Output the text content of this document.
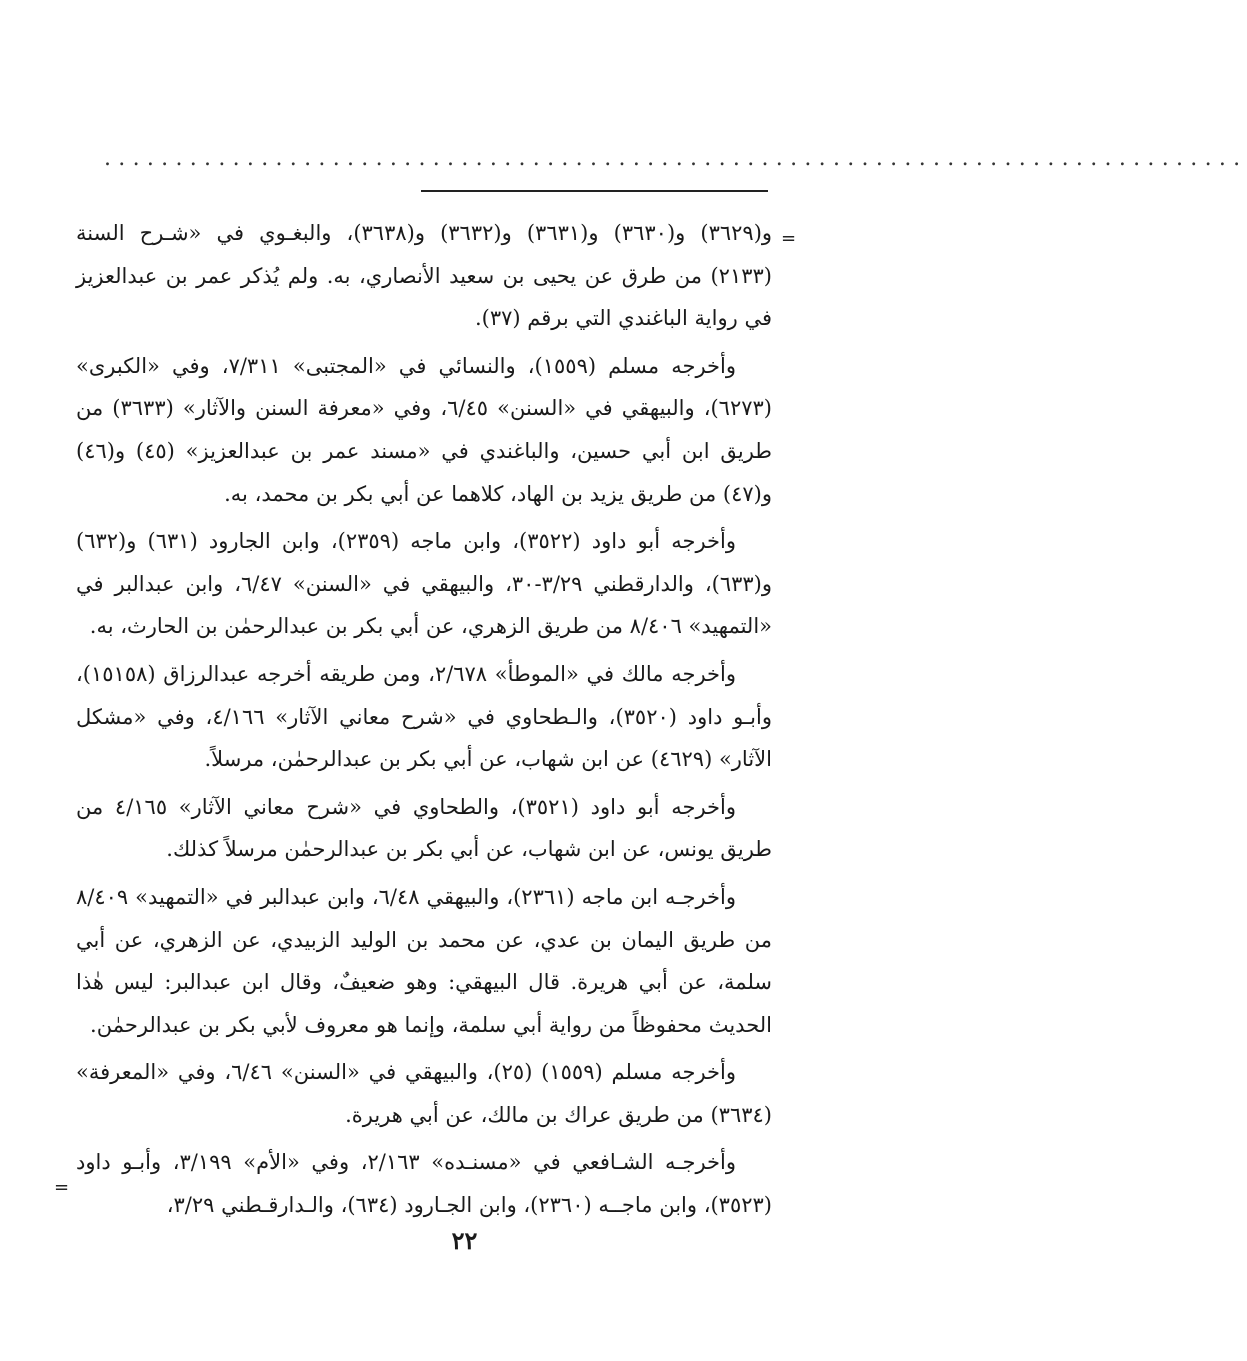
................................................................................
=

و(٣٦٢٩) و(٣٦٣٠) و(٣٦٣١) و(٣٦٣٢) و(٣٦٣٨)، والبغـوي في «شـرح السنة (٢١٣٣) من طرق عن يحيى بن سعيد الأنصاري، به. ولم يُذكر عمر بن عبدالعزيز في رواية الباغندي التي برقم (٣٧).

وأخرجه مسلم (١٥٥٩)، والنسائي في «المجتبى» ٧/٣١١، وفي «الكبرى» (٦٢٧٣)، والبيهقي في «السنن» ٦/٤٥، وفي «معرفة السنن والآثار» (٣٦٣٣) من طريق ابن أبي حسين، والباغندي في «مسند عمر بن عبدالعزيز» (٤٥) و(٤٦) و(٤٧) من طريق يزيد بن الهاد، كلاهما عن أبي بكر بن محمد، به.

وأخرجه أبو داود (٣٥٢٢)، وابن ماجه (٢٣٥٩)، وابن الجارود (٦٣١) و(٦٣٢) و(٦٣٣)، والدارقطني ٣/٢٩-٣٠، والبيهقي في «السنن» ٦/٤٧، وابن عبدالبر في «التمهيد» ٨/٤٠٦ من طريق الزهري، عن أبي بكر بن عبدالرحمٰن بن الحارث، به.

وأخرجه مالك في «الموطأ» ٢/٦٧٨، ومن طريقه أخرجه عبدالرزاق (١٥١٥٨)، وأبـو داود (٣٥٢٠)، والـطحاوي في «شرح معاني الآثار» ٤/١٦٦، وفي «مشكل الآثار» (٤٦٢٩) عن ابن شهاب، عن أبي بكر بن عبدالرحمٰن، مرسلاً.

وأخرجه أبو داود (٣٥٢١)، والطحاوي في «شرح معاني الآثار» ٤/١٦٥ من طريق يونس، عن ابن شهاب، عن أبي بكر بن عبدالرحمٰن مرسلاً كذلك.

وأخرجـه ابن ماجه (٢٣٦١)، والبيهقي ٦/٤٨، وابن عبدالبر في «التمهيد» ٨/٤٠٩ من طريق اليمان بن عدي، عن محمد بن الوليد الزبيدي، عن الزهري، عن أبي سلمة، عن أبي هريرة. قال البيهقي: وهو ضعيفٌ، وقال ابن عبدالبر: ليس هٰذا الحديث محفوظاً من رواية أبي سلمة، وإنما هو معروف لأبي بكر بن عبدالرحمٰن.

وأخرجه مسلم (١٥٥٩) (٢٥)، والبيهقي في «السنن» ٦/٤٦، وفي «المعرفة» (٣٦٣٤) من طريق عراك بن مالك، عن أبي هريرة.

وأخرجـه الشـافعي في «مسنـده» ٢/١٦٣، وفي «الأم» ٣/١٩٩، وأبـو داود (٣٥٢٣)، وابن ماجــه (٢٣٦٠)، وابن الجـارود (٦٣٤)، والـدارقـطني ٣/٢٩،

=
٢٢
